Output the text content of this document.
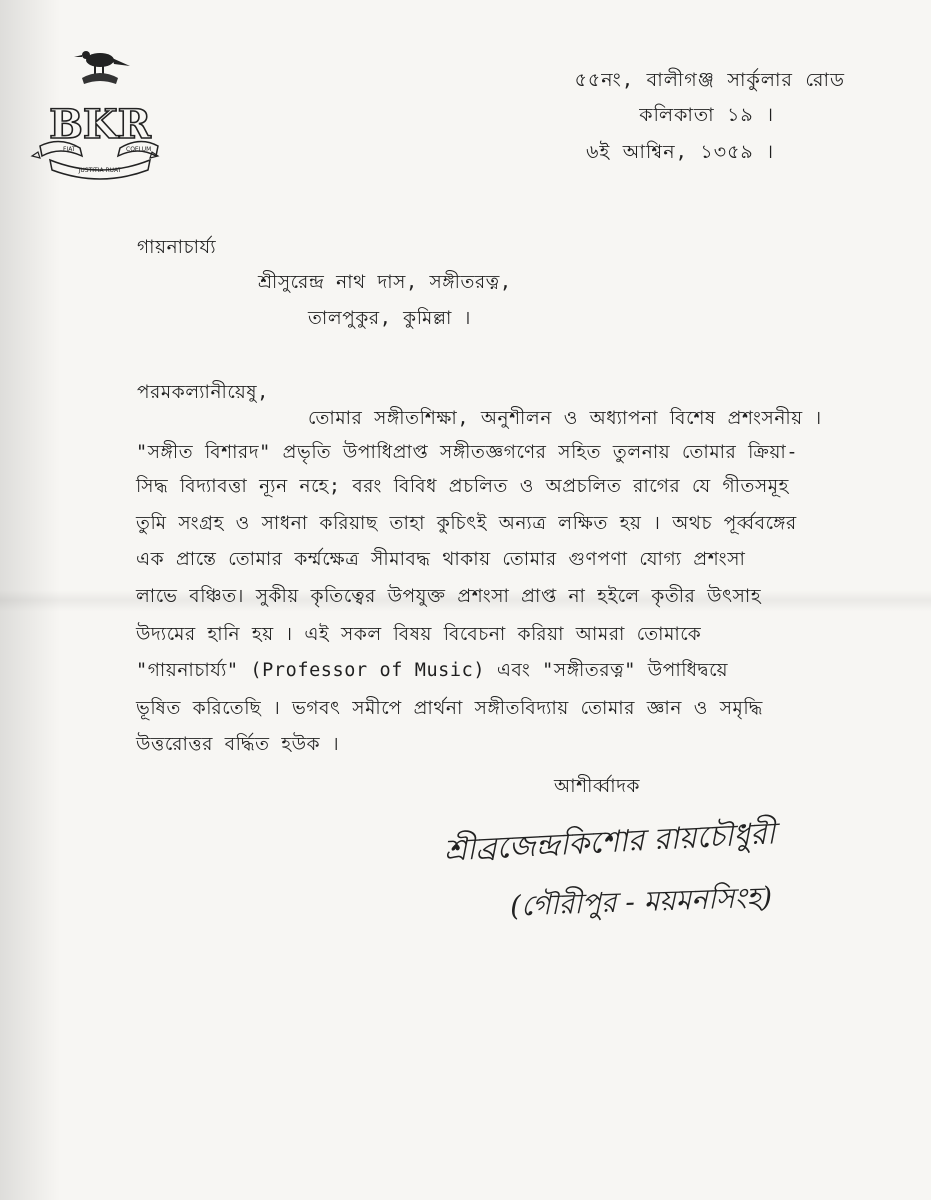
BKR
FIAT	COELUM
JUSTITIA RUAT
৫৫নং, বালীগঞ্জ সার্কুলার রোড
কলিকাতা ১৯ ।
৬ই আশ্বিন, ১৩৫৯ ।
গায়নাচার্য্য
শ্রীসুরেন্দ্র নাথ দাস, সঙ্গীতরত্ন,
তালপুকুর, কুমিল্লা ।
পরমকল্যানীয়েষু,
তোমার সঙ্গীতশিক্ষা, অনুশীলন ও অধ্যাপনা বিশেষ প্রশংসনীয় ।
"সঙ্গীত বিশারদ" প্রভৃতি উপাধিপ্রাপ্ত সঙ্গীতজ্ঞগণের সহিত তুলনায় তোমার ক্রিয়া-
সিদ্ধ বিদ্যাবত্তা ন্যূন নহে; বরং বিবিধ প্রচলিত ও অপ্রচলিত রাগের যে গীতসমূহ
তুমি সংগ্রহ ও সাধনা করিয়াছ তাহা কুচিৎই অন্যত্র লক্ষিত হয় । অথচ পূর্ব্ববঙ্গের
এক প্রান্তে তোমার কর্ম্মক্ষেত্র সীমাবদ্ধ থাকায় তোমার গুণপণা যোগ্য প্রশংসা
লাভে বঞ্চিত। সুকীয় কৃতিত্বের উপযুক্ত প্রশংসা প্রাপ্ত না হইলে কৃতীর উৎসাহ
উদ্যমের হানি হয় । এই সকল বিষয় বিবেচনা করিয়া আমরা তোমাকে
"গায়নাচার্য্য" (Professor of Music) এবং "সঙ্গীতরত্ন" উপাধিদ্বয়ে
ভূষিত করিতেছি । ভগবৎ সমীপে প্রার্থনা সঙ্গীতবিদ্যায় তোমার জ্ঞান ও সমৃদ্ধি
উত্তরোত্তর বর্দ্ধিত হউক ।
আশীর্ব্বাদক
শ্রীব্রজেন্দ্রকিশোর রায়চৌধুরী
(গৌরীপুর - ময়মনসিংহ)
